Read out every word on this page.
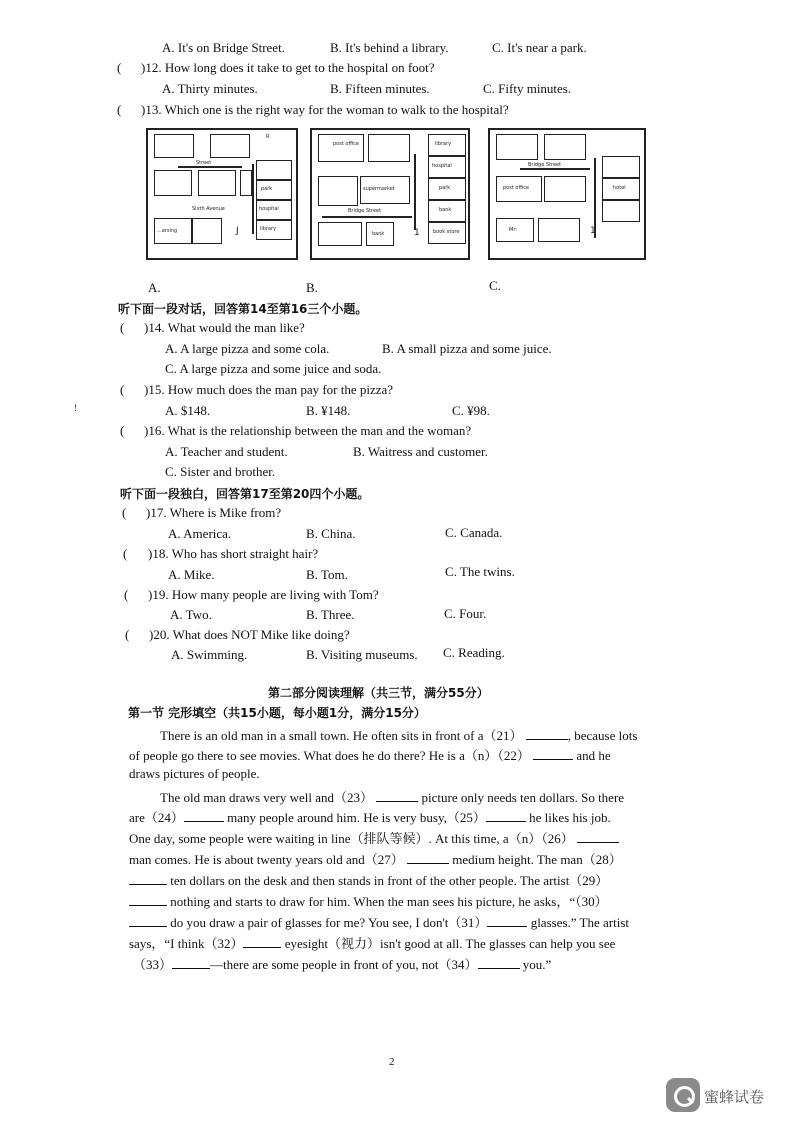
A. It's on Bridge Street.	B. It's behind a library.	C. It's near a park.
( )12. How long does it take to get to the hospital on foot?
A. Thirty minutes.	B. Fifteen minutes.	C. Fifty minutes.
( )13. Which one is the right way for the woman to walk to the hospital?
R
Street
park
hospital
library
Sixth Avenue
...arsing	J
post office	library
hospital
supermarket	park
bank
Bridge Street
book store
bank	1
Bridge Street
hotel
post office
Mr:	1
A.	B.	C.
听下面一段对话，回答第14至第16三个小题。
( )14. What would the man like?
A. A large pizza and some cola.	B. A small pizza and some juice.
C. A large pizza and some juice and soda.
( )15. How much does the man pay for the pizza?
!	A. $148.	B. ¥148.	C. ¥98.
( )16. What is the relationship between the man and the woman?
A. Teacher and student.	B. Waitress and customer.
C. Sister and brother.
听下面一段独白，回答第17至第20四个小题。
( )17. Where is Mike from?
A. America.	B. China.	C. Canada.
( )18. Who has short straight hair?
A. Mike.	B. Tom.	C. The twins.
( )19. How many people are living with Tom?
A. Two.	B. Three.	C. Four.
( )20. What does NOT Mike like doing?
A. Swimming.	B. Visiting museums. C. Reading.
第二部分阅读理解（共三节，满分55分）
第一节 完形填空（共15小题，每小题1分，满分15分）
There is an old man in a small town. He often sits in front of a（21）	, because lots
of people go there to see movies. What does he do there? He is a（n）（22）	and he
draws pictures of people.
The old man draws very well and（23）	picture only needs ten dollars. So there
are（24）	many people around him. He is very busy,（25）	he likes his job.
One day, some people were waiting in line（排队等候）. At this time, a（n）（26）
man comes. He is about twenty years old and（27）	medium height. The man（28）
ten dollars on the desk and then stands in front of the other people. The artist（29）
nothing and starts to draw for him. When the man sees his picture, he asks，“（30）
do you draw a pair of glasses for me? You see, I don't（31）	glasses.” The artist
says，“I think（32）	eyesight（视力）isn't good at all. The glasses can help you see
（33）	—there are some people in front of you, not（34）	you.”
2
蜜蜂试卷
